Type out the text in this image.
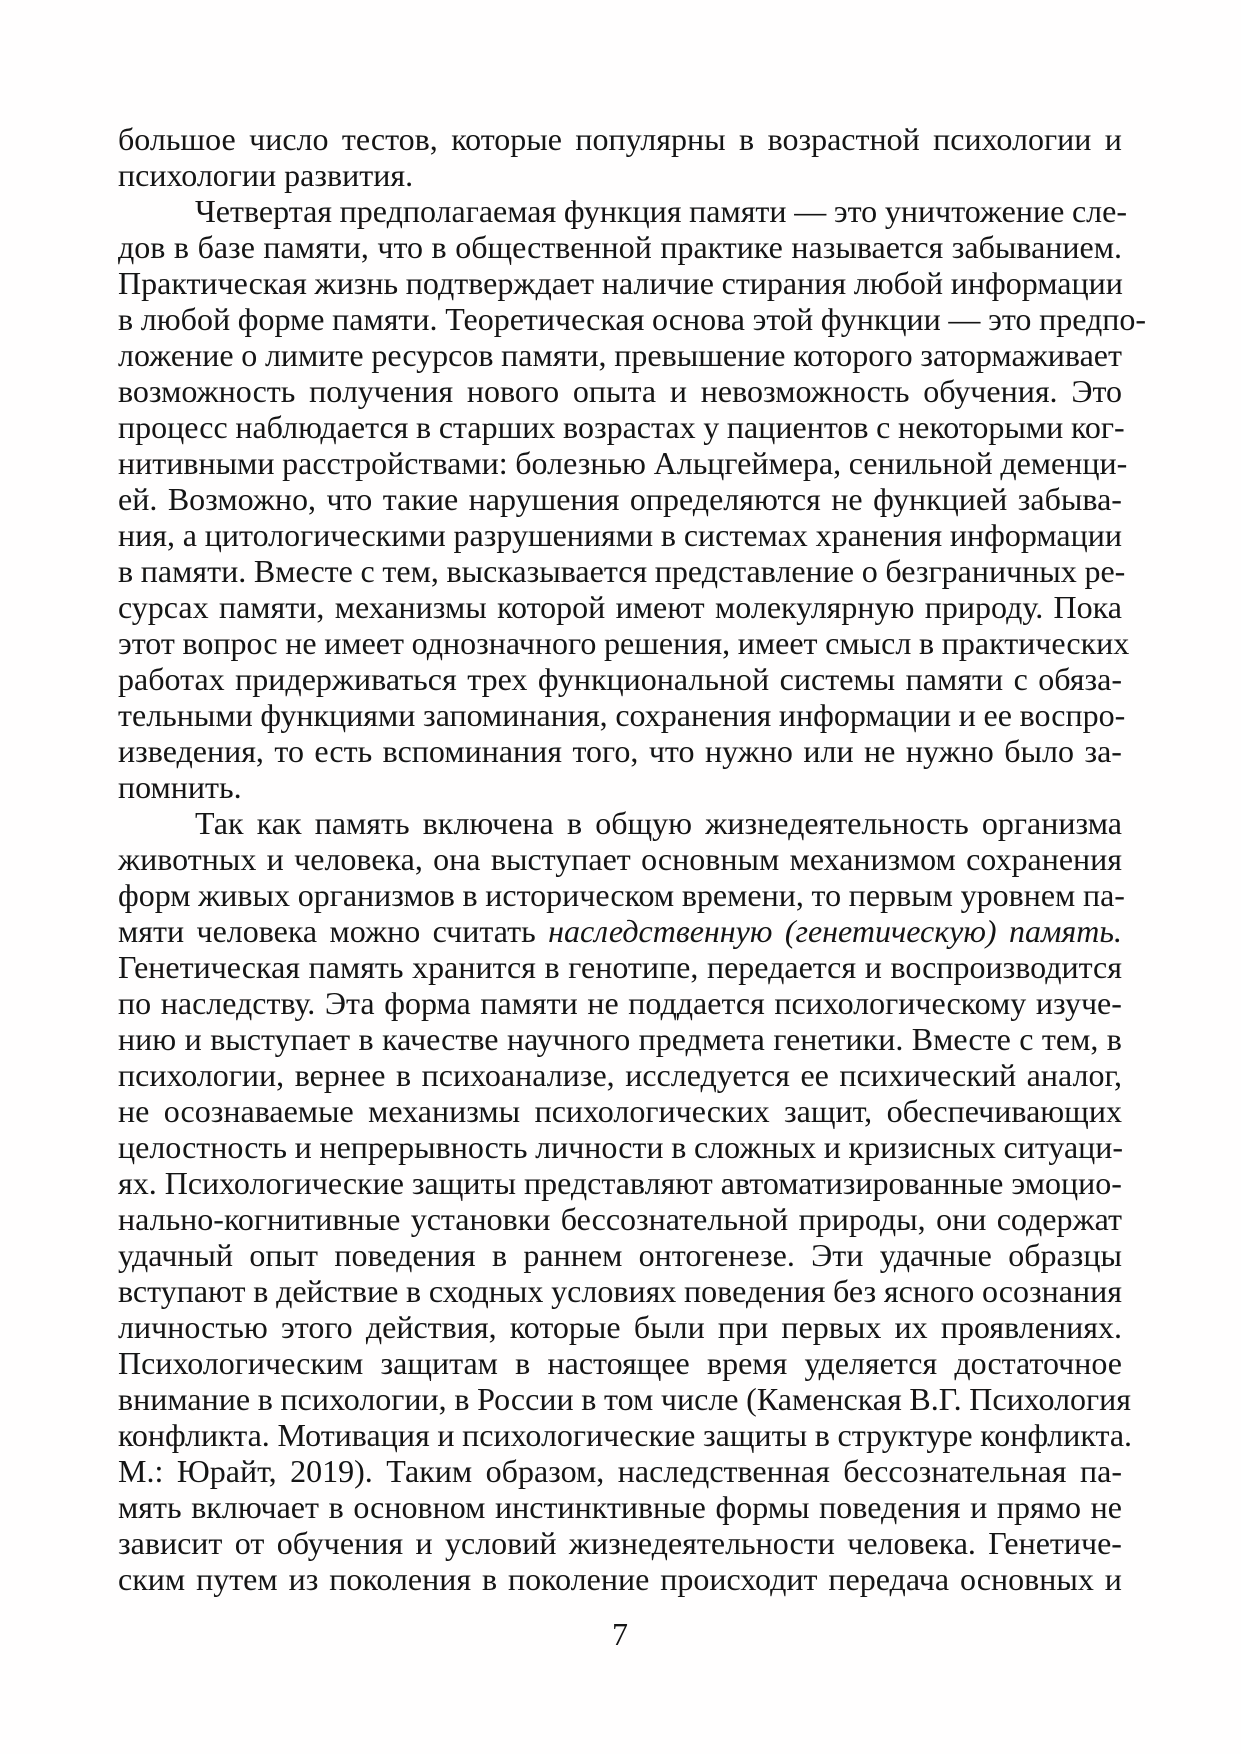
большое число тестов, которые популярны в возрастной психологии и
психологии развития.
Четвертая предполагаемая функция памяти — это уничтожение сле-
дов в базе памяти, что в общественной практике называется забыванием.
Практическая жизнь подтверждает наличие стирания любой информации
в любой форме памяти. Теоретическая основа этой функции — это предпо-
ложение о лимите ресурсов памяти, превышение которого затормаживает
возможность получения нового опыта и невозможность обучения. Это
процесс наблюдается в старших возрастах у пациентов с некоторыми ког-
нитивными расстройствами: болезнью Альцгеймера, сенильной деменци-
ей. Возможно, что такие нарушения определяются не функцией забыва-
ния, а цитологическими разрушениями в системах хранения информации
в памяти. Вместе с тем, высказывается представление о безграничных ре-
сурсах памяти, механизмы которой имеют молекулярную природу. Пока
этот вопрос не имеет однозначного решения, имеет смысл в практических
работах придерживаться трех функциональной системы памяти с обяза-
тельными функциями запоминания, сохранения информации и ее воспро-
изведения, то есть вспоминания того, что нужно или не нужно было за-
помнить.
Так как память включена в общую жизнедеятельность организма
животных и человека, она выступает основным механизмом сохранения
форм живых организмов в историческом времени, то первым уровнем па-
мяти человека можно считать наследственную (генетическую) память.
Генетическая память хранится в генотипе, передается и воспроизводится
по наследству. Эта форма памяти не поддается психологическому изуче-
нию и выступает в качестве научного предмета генетики. Вместе с тем, в
психологии, вернее в психоанализе, исследуется ее психический аналог,
не осознаваемые механизмы психологических защит, обеспечивающих
целостность и непрерывность личности в сложных и кризисных ситуаци-
ях. Психологические защиты представляют автоматизированные эмоцио-
нально-когнитивные установки бессознательной природы, они содержат
удачный опыт поведения в раннем онтогенезе. Эти удачные образцы
вступают в действие в сходных условиях поведения без ясного осознания
личностью этого действия, которые были при первых их проявлениях.
Психологическим защитам в настоящее время уделяется достаточное
внимание в психологии, в России в том числе (Каменская В.Г. Психология
конфликта. Мотивация и психологические защиты в структуре конфликта.
М.: Юрайт, 2019). Таким образом, наследственная бессознательная па-
мять включает в основном инстинктивные формы поведения и прямо не
зависит от обучения и условий жизнедеятельности человека. Генетиче-
ским путем из поколения в поколение происходит передача основных и
7
